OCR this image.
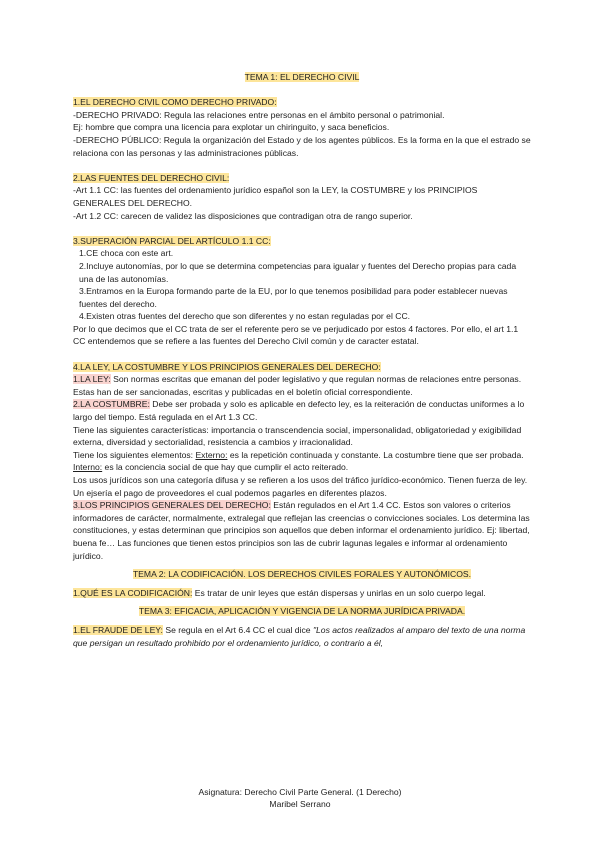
TEMA 1: EL DERECHO CIVIL

1.EL DERECHO CIVIL COMO DERECHO PRIVADO:

-DERECHO PRIVADO: Regula las relaciones entre personas en el ámbito personal o patrimonial.

Ej: hombre que compra una licencia para explotar un chiringuito, y saca beneficios.

-DERECHO PÚBLICO: Regula la organización del Estado y de los agentes públicos. Es la forma en la que el estrado se relaciona con las personas y las administraciones públicas.

2.LAS FUENTES DEL DERECHO CIVIL:

-Art 1.1 CC: las fuentes del ordenamiento jurídico español son la LEY, la COSTUMBRE y los PRINCIPIOS GENERALES DEL DERECHO.

-Art 1.2 CC: carecen de validez las disposiciones que contradigan otra de rango superior.

3.SUPERACIÓN PARCIAL DEL ARTÍCULO 1.1 CC:

1.CE choca con este art.

2.Incluye autonomías, por lo que se determina competencias para igualar y fuentes del Derecho propias para cada una de las autonomías.

3.Entramos en la Europa formando parte de la EU, por lo que tenemos posibilidad para poder establecer nuevas fuentes del derecho.

4.Existen otras fuentes del derecho que son diferentes y no estan reguladas por el CC.

Por lo que decimos que el CC trata de ser el referente pero se ve perjudicado por estos 4 factores. Por ello, el art 1.1 CC entendemos que se refiere a las fuentes del Derecho Civil común y de caracter estatal.

4.LA LEY, LA COSTUMBRE Y LOS PRINCIPIOS GENERALES DEL DERECHO:

1.LA LEY: Son normas escritas que emanan del poder legislativo y que regulan normas de relaciones entre personas. Estas han de ser sancionadas, escritas y publicadas en el boletín oficial correspondiente.

2.LA COSTUMBRE: Debe ser probada y solo es aplicable en defecto ley, es la reiteración de conductas uniformes a lo largo del tiempo. Está regulada en el Art 1.3 CC.

Tiene las siguientes características: importancia o transcendencia social, impersonalidad, obligatoriedad y exigibilidad externa, diversidad y sectorialidad, resistencia a cambios y irracionalidad.

Tiene los siguientes elementos: Externo: es la repetición continuada y constante. La costumbre tiene que ser probada. Interno: es la conciencia social de que hay que cumplir el acto reiterado.

Los usos jurídicos son una categoría difusa y se refieren a los usos del tráfico jurídico-económico. Tienen fuerza de ley. Un ejsería el pago de proveedores el cual podemos pagarles en diferentes plazos.

3.LOS PRINCIPIOS GENERALES DEL DERECHO: Están regulados en el Art 1.4 CC. Estos son valores o criterios informadores de carácter, normalmente, extralegal que reflejan las creencias o convicciones sociales. Los determina las constituciones, y estas determinan que principios son aquellos que deben informar el ordenamiento jurídico. Ej: libertad, buena fe… Las funciones que tienen estos principios son las de cubrir lagunas legales e informar al ordenamiento jurídico.

TEMA 2: LA CODIFICACIÓN. LOS DERECHOS CIVILES FORALES Y AUTONÓMICOS.

1.QUÉ ES LA CODIFICACIÓN: Es tratar de unir leyes que están dispersas y unirlas en un solo cuerpo legal.

TEMA 3: EFICACIA, APLICACIÓN Y VIGENCIA DE LA NORMA JURÍDICA PRIVADA.

1.EL FRAUDE DE LEY: Se regula en el Art 6.4 CC el cual dice "Los actos realizados al amparo del texto de una norma que persigan un resultado prohibido por el ordenamiento jurídico, o contrario a él,

Asignatura: Derecho Civil Parte General. (1 Derecho)
Maribel Serrano
